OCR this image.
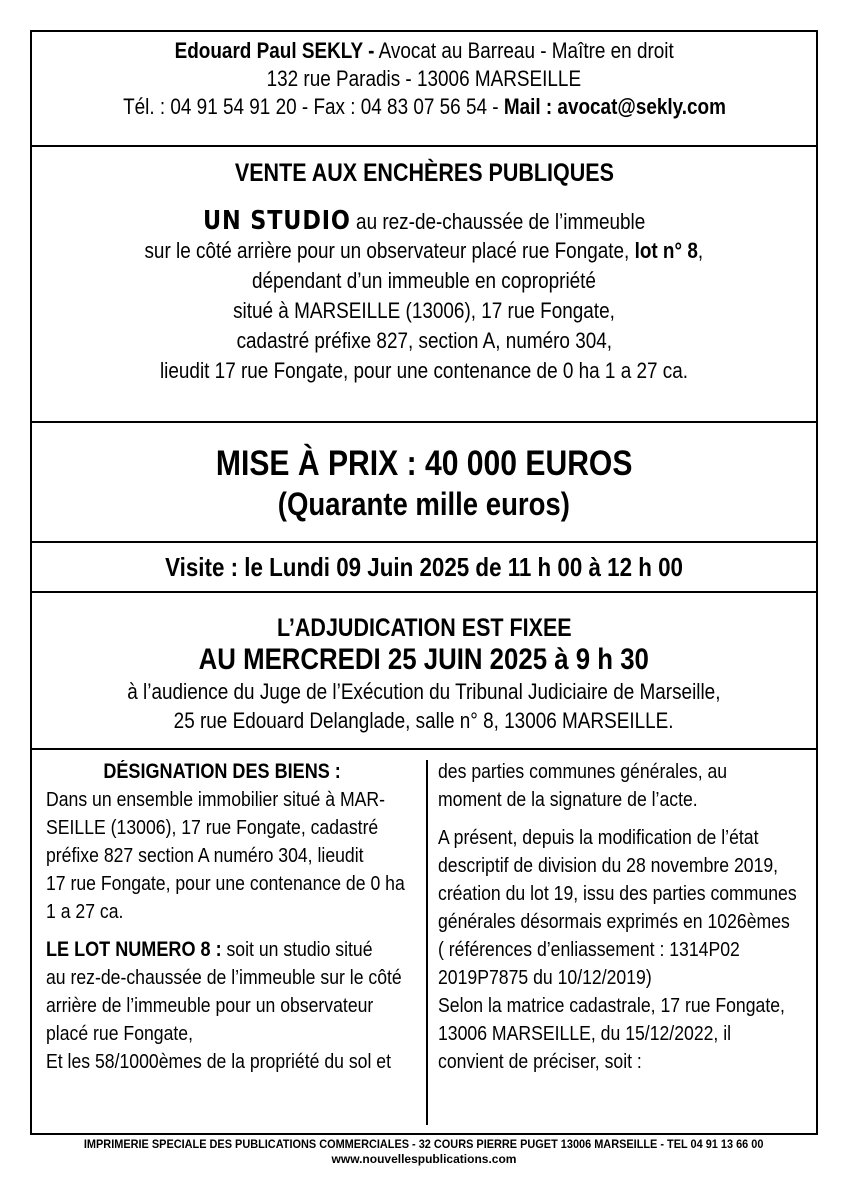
Edouard Paul SEKLY - Avocat au Barreau - Maître en droit
132 rue Paradis - 13006 MARSEILLE
Tél. : 04 91 54 91 20 - Fax : 04 83 07 56 54 - Mail : avocat@sekly.com
VENTE AUX ENCHÈRES PUBLIQUES
UN STUDIO au rez-de-chaussée de l’immeuble
sur le côté arrière pour un observateur placé rue Fongate, lot n° 8,
dépendant d’un immeuble en copropriété
situé à MARSEILLE (13006), 17 rue Fongate,
cadastré préfixe 827, section A, numéro 304,
lieudit 17 rue Fongate, pour une contenance de 0 ha 1 a 27 ca.
MISE À PRIX : 40 000 EUROS
(Quarante mille euros)
Visite : le Lundi 09 Juin 2025 de 11 h 00 à 12 h 00
L’ADJUDICATION EST FIXEE
AU MERCREDI 25 JUIN 2025 à 9 h 30
à l’audience du Juge de l’Exécution du Tribunal Judiciaire de Marseille,
25 rue Edouard Delanglade, salle n° 8, 13006 MARSEILLE.
DÉSIGNATION DES BIENS :
Dans un ensemble immobilier situé à MAR-
SEILLE (13006), 17 rue Fongate, cadastré
préfixe 827 section A numéro 304, lieudit
17 rue Fongate, pour une contenance de 0 ha
1 a 27 ca.
LE LOT NUMERO 8 : soit un studio situé
au rez-de-chaussée de l’immeuble sur le côté
arrière de l’immeuble pour un observateur
placé rue Fongate,
Et les 58/1000èmes de la propriété du sol et
des parties communes générales, au
moment de la signature de l’acte.
A présent, depuis la modification de l’état
descriptif de division du 28 novembre 2019,
création du lot 19, issu des parties communes
générales désormais exprimés en 1026èmes
( références d’enliassement : 1314P02
2019P7875 du 10/12/2019)
Selon la matrice cadastrale, 17 rue Fongate,
13006 MARSEILLE, du 15/12/2022, il
convient de préciser, soit :
IMPRIMERIE SPECIALE DES PUBLICATIONS COMMERCIALES - 32 COURS PIERRE PUGET 13006 MARSEILLE - TEL 04 91 13 66 00
www.nouvellespublications.com
